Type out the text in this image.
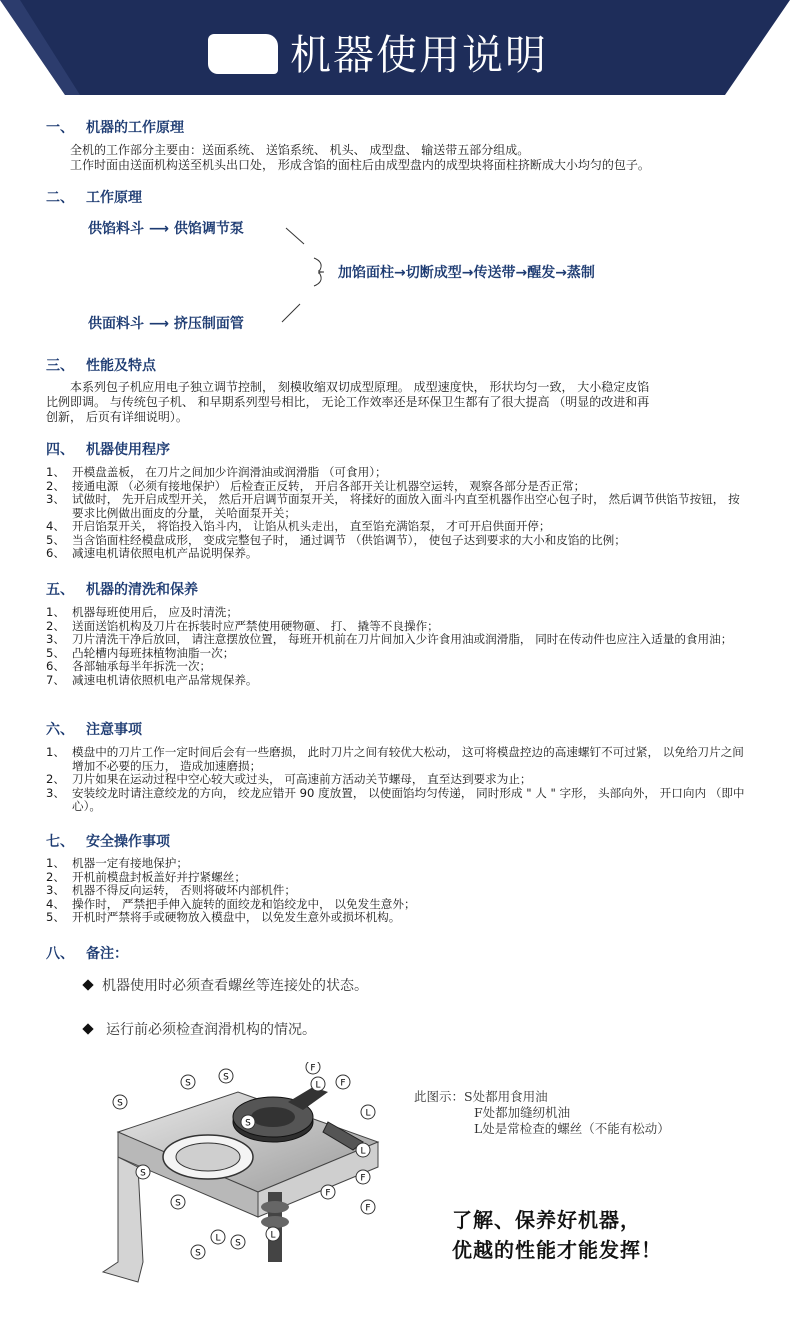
机器使用说明
一、 机器的工作原理
全机的工作部分主要由：送面系统、 送馅系统、 机头、 成型盘、 输送带五部分组成。
工作时面由送面机构送至机头出口处， 形成含馅的面柱后由成型盘内的成型块将面柱挤断成大小均匀的包子。
二、 工作原理
供馅料斗 ⟶ 供馅调节泵
供面料斗 ⟶ 挤压制面管
加馅面柱→切断成型→传送带→醒发→蒸制
三、 性能及特点
本系列包子机应用电子独立调节控制， 刻模收缩双切成型原理。 成型速度快， 形状均匀一致， 大小稳定皮馅
比例即调。 与传统包子机、 和早期系列型号相比， 无论工作效率还是环保卫生都有了很大提高 （明显的改进和再
创新， 后页有详细说明）。
四、 机器使用程序
1、 开模盘盖板， 在刀片之间加少许润滑油或润滑脂 （可食用）；
2、 接通电源 （必须有接地保护） 后检查正反转， 开启各部开关让机器空运转， 观察各部分是否正常；
3、 试做时， 先开启成型开关， 然后开启调节面泵开关， 将揉好的面放入面斗内直至机器作出空心包子时， 然后调节供馅节按钮， 按要求比例做出面皮的分量， 关哈面泵开关；
4、 开启馅泵开关， 将馅投入馅斗内， 让馅从机头走出， 直至馅充满馅泵， 才可开启供面开停；
5、 当含馅面柱经模盘成形， 变成完整包子时， 通过调节 （供馅调节）， 使包子达到要求的大小和皮馅的比例；
6、 减速电机请依照电机产品说明保养。
五、 机器的清洗和保养
1、 机器每班使用后， 应及时清洗；
2、 送面送馅机构及刀片在拆装时应严禁使用硬物砸、 打、 撬等不良操作；
3、 刀片清洗干净后放回， 请注意摆放位置， 每班开机前在刀片间加入少许食用油或润滑脂， 同时在传动件也应注入适量的食用油；
5、 凸轮槽内每班抹植物油脂一次；
6、 各部轴承每半年拆洗一次；
7、 减速电机请依照机电产品常规保养。
六、 注意事项
1、 模盘中的刀片工作一定时间后会有一些磨损， 此时刀片之间有较优大松动， 这可将模盘控边的高速螺钉不可过紧， 以免给刀片之间增加不必要的压力， 造成加速磨损；
2、 刀片如果在运动过程中空心较大或过头， 可高速前方活动关节螺母， 直至达到要求为止；
3、 安装绞龙时请注意绞龙的方向， 绞龙应错开 90 度放置， 以使面馅均匀传递， 同时形成 " 人 " 字形， 头部向外， 开口向内 （即中心）。
七、 安全操作事项
1、 机器一定有接地保护；
2、 开机前模盘封板盖好并拧紧螺丝；
3、 机器不得反向运转， 否则将破坏内部机件；
4、 操作时， 严禁把手伸入旋转的面绞龙和馅绞龙中， 以免发生意外；
5、 开机时严禁将手或硬物放入模盘中， 以免发生意外或损坏机构。
八、 备注：
机器使用时必须查看螺丝等连接处的状态。
运行前必须检查润滑机构的情况。
S
S
S
S
S
S
S
S
F
F
F
F
F
L
L
L
L	L
此图示：S处都用食用油
F处都加缝纫机油
L处是常检查的螺丝（不能有松动）
了解、保养好机器，
优越的性能才能发挥！
